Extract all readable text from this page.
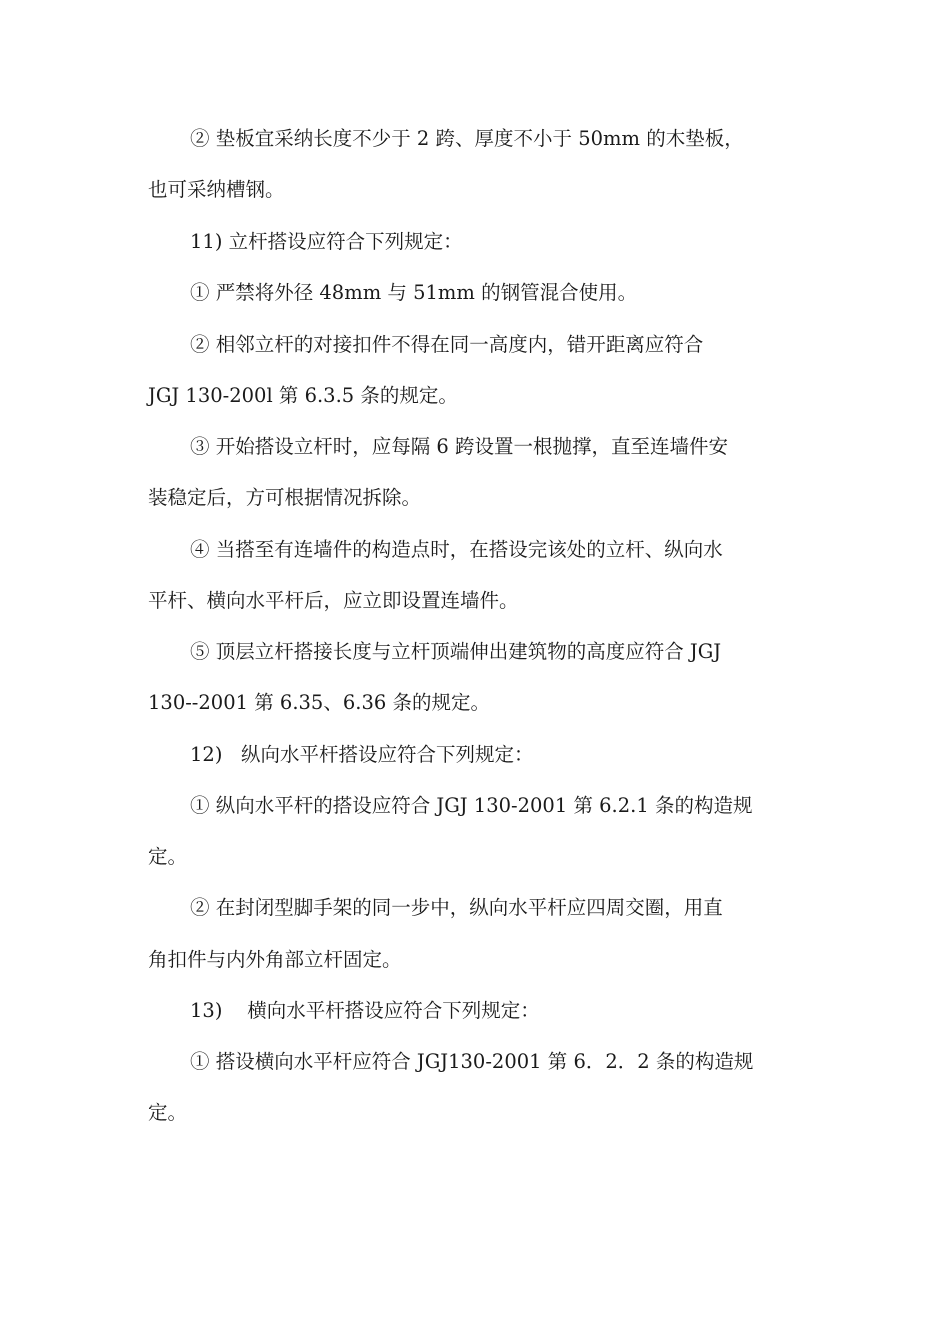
② 垫板宜采纳长度不少于 2 跨、厚度不小于 50mm 的木垫板，

也可采纳槽钢。

11) 立杆搭设应符合下列规定：

① 严禁将外径 48mm 与 51mm 的钢管混合使用。

② 相邻立杆的对接扣件不得在同一高度内，错开距离应符合

JGJ 130-200l 第 6.3.5 条的规定。

③ 开始搭设立杆时，应每隔 6 跨设置一根抛撑，直至连墙件安

装稳定后，方可根据情况拆除。

④ 当搭至有连墙件的构造点时，在搭设完该处的立杆、纵向水

平杆、横向水平杆后，应立即设置连墙件。

⑤ 顶层立杆搭接长度与立杆顶端伸出建筑物的高度应符合 JGJ

130--2001 第 6.35、6.36 条的规定。

12)   纵向水平杆搭设应符合下列规定：

① 纵向水平杆的搭设应符合 JGJ 130-2001 第 6.2.1 条的构造规

定。

② 在封闭型脚手架的同一步中，纵向水平杆应四周交圈，用直

角扣件与内外角部立杆固定。

13)    横向水平杆搭设应符合下列规定：

① 搭设横向水平杆应符合 JGJ130-2001 第 6．2．2 条的构造规

定。
